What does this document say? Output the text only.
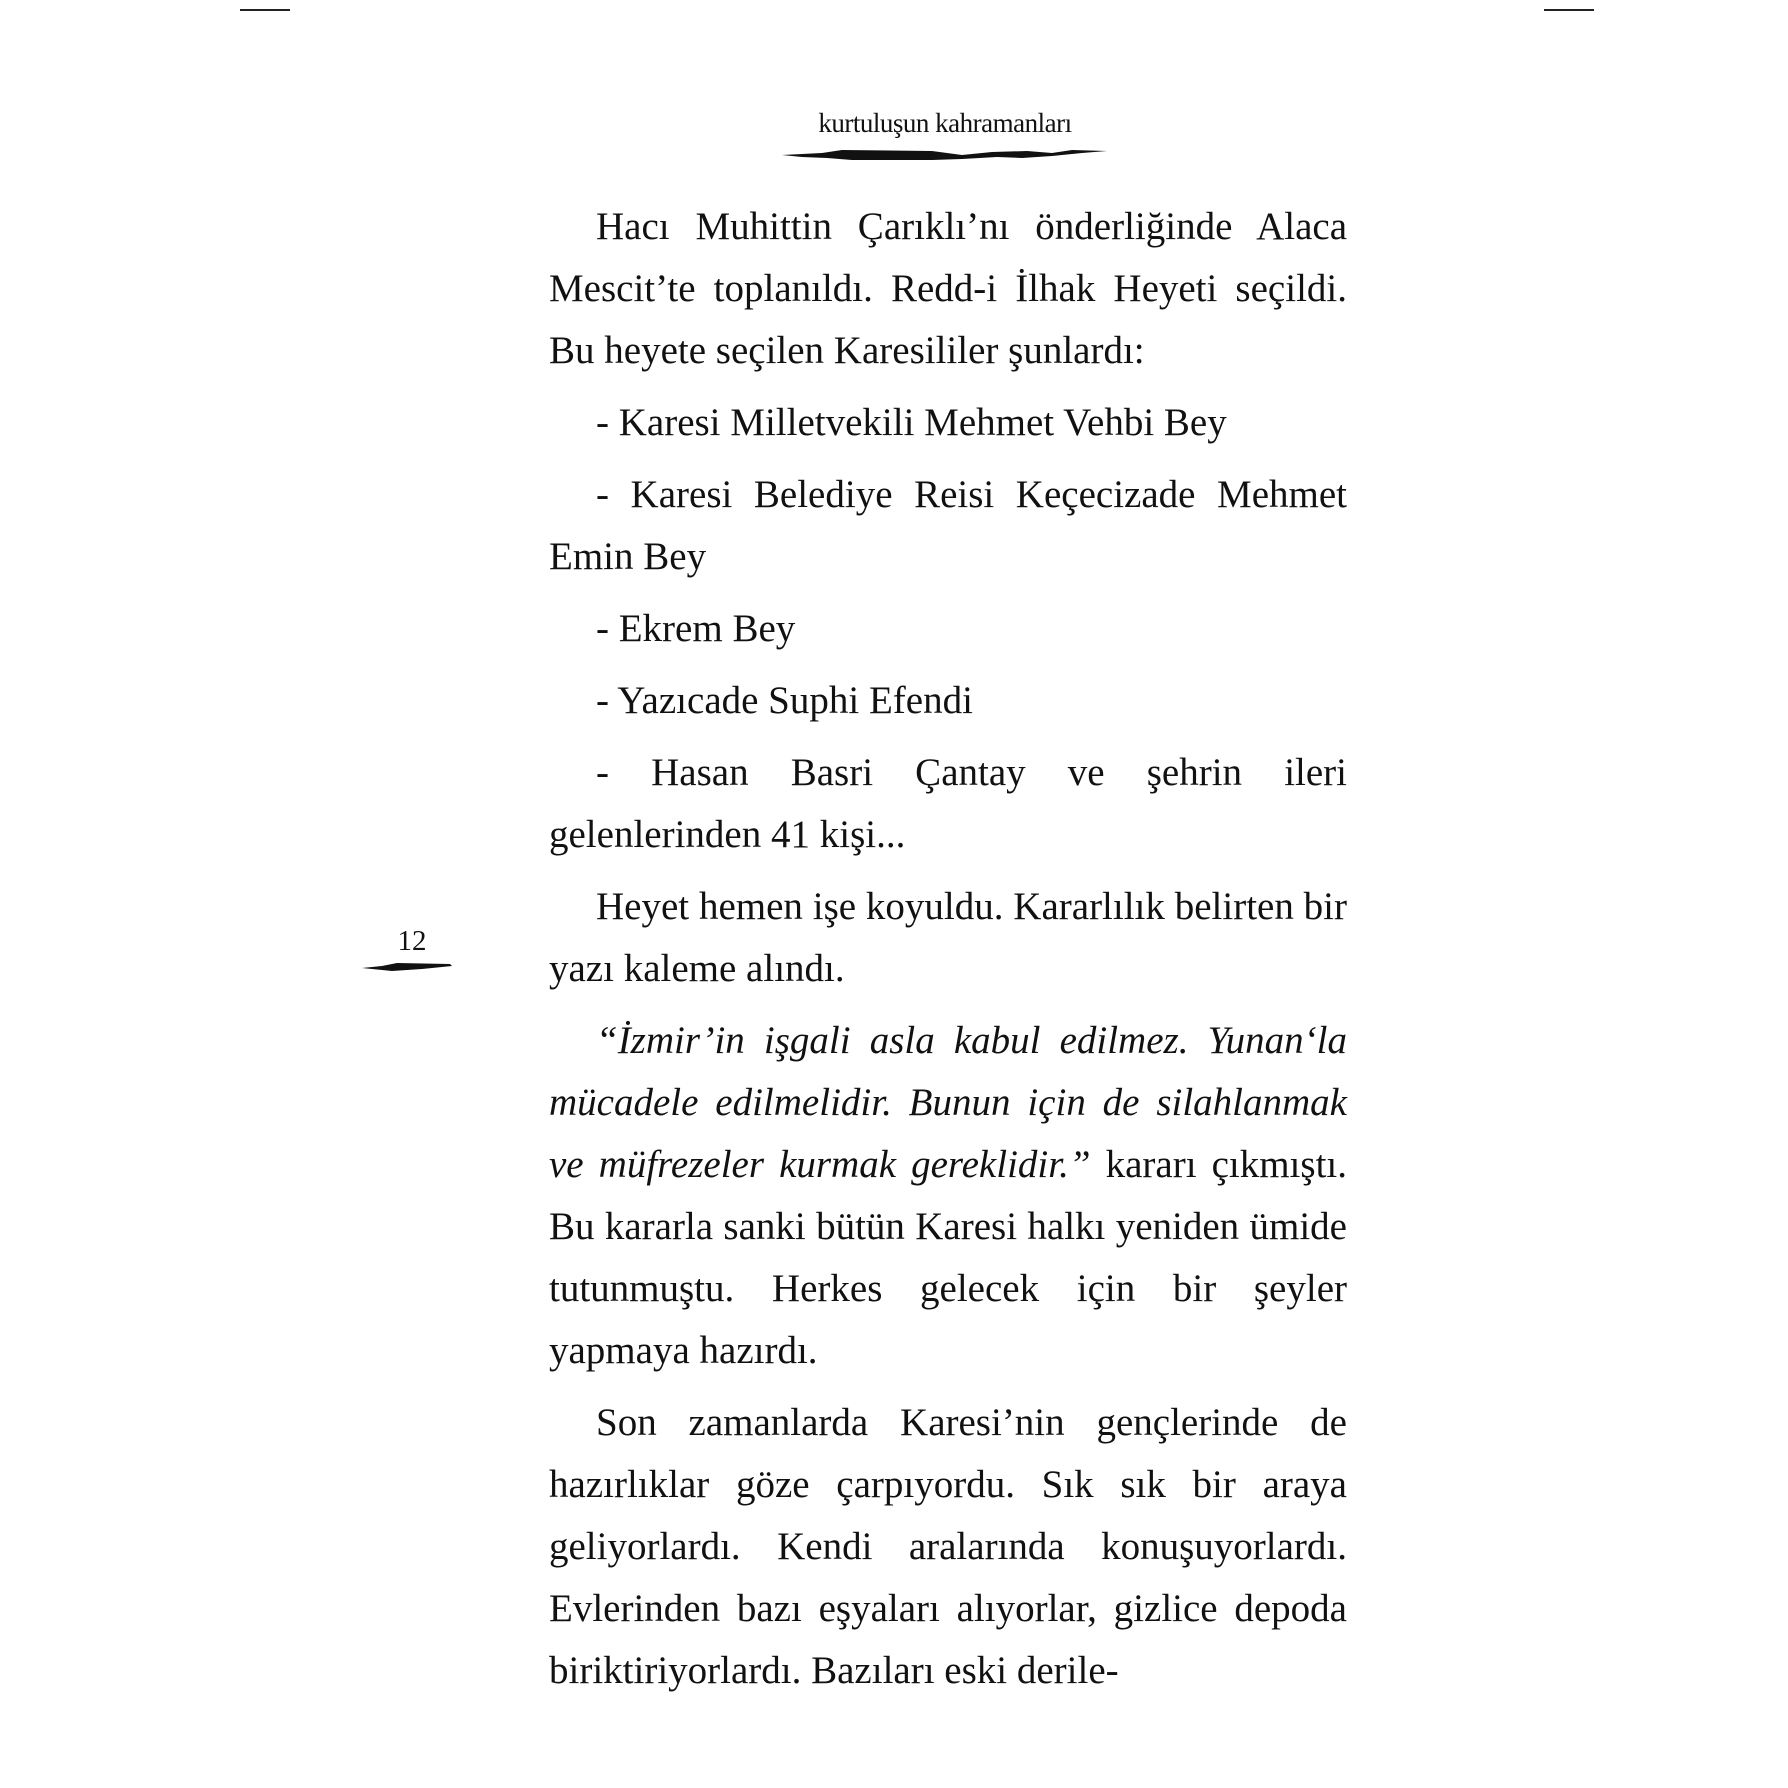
kurtuluşun kahramanları
12

Hacı Muhittin Çarıklı’nı önderliğinde Alaca Mescit’te toplanıldı. Redd-i İlhak Heyeti seçildi. Bu heyete seçilen Karesililer şunlardı:

- Karesi Milletvekili Mehmet Vehbi Bey

- Karesi Belediye Reisi Keçecizade Mehmet Emin Bey

- Ekrem Bey

- Yazıcade Suphi Efendi

- Hasan Basri Çantay ve şehrin ileri gelenlerinden 41 kişi...

Heyet hemen işe koyuldu. Kararlılık belirten bir yazı kaleme alındı.

“İzmir’in işgali asla kabul edilmez. Yunan‘la mücadele edilmelidir. Bunun için de silahlanmak ve müfrezeler kurmak gereklidir.” kararı çıkmıştı. Bu kararla sanki bütün Karesi halkı yeniden ümide tutunmuştu. Herkes gelecek için bir şeyler yapmaya hazırdı.

Son zamanlarda Karesi’nin gençlerinde de hazırlıklar göze çarpıyordu. Sık sık bir araya geliyorlardı. Kendi aralarında konuşuyorlardı. Evlerinden bazı eşyaları alıyorlar, gizlice depoda biriktiriyorlardı. Bazıları eski derile-
